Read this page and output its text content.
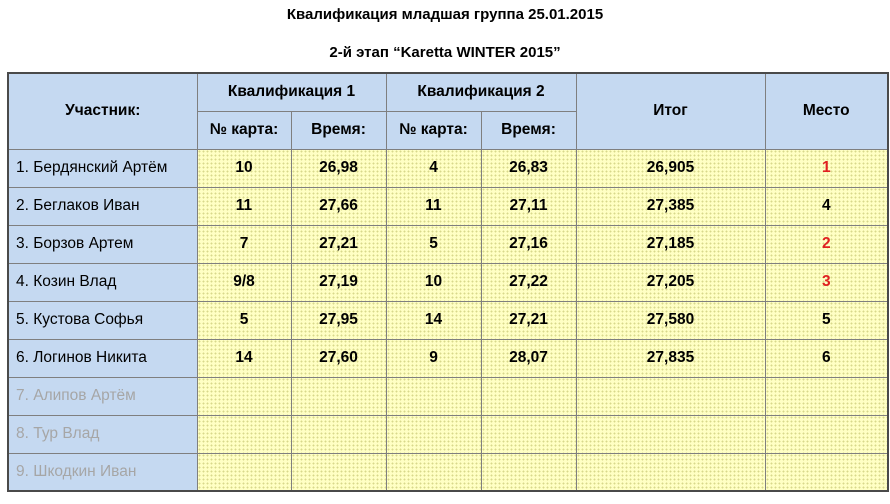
Квалификация младшая группа 25.01.2015
2-й этап “Karetta WINTER 2015”
Участник:	Квалификация 1		Квалификация 2		Итог	Место
	№ карта:	Время:	№ карта:	Время:		
1. Бердянский Артём	10	26,98	4	26,83	26,905	1
2. Беглаков Иван	11	27,66	11	27,11	27,385	4
3. Борзов Артем	7	27,21	5	27,16	27,185	2
4. Козин Влад	9/8	27,19	10	27,22	27,205	3
5. Кустова Софья	5	27,95	14	27,21	27,580	5
6. Логинов Никита	14	27,60	9	28,07	27,835	6
7. Алипов Артём						
8. Тур Влад						
9. Шкодкин Иван						
